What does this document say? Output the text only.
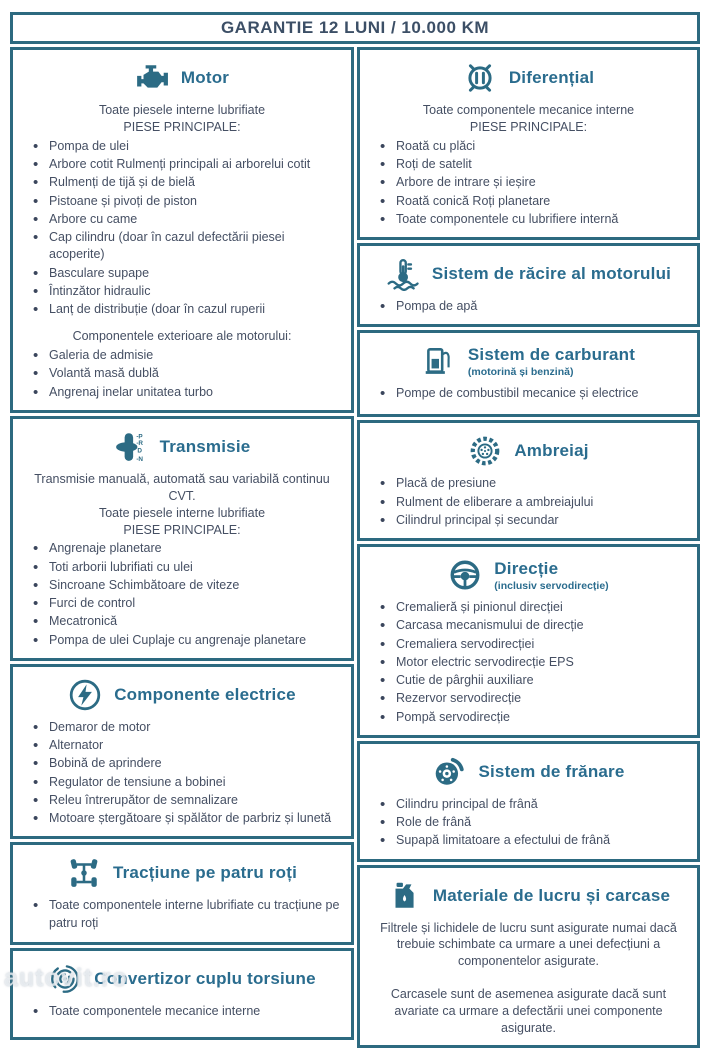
GARANTIE 12 LUNI / 10.000 KM
Motor

Toate piesele interne lubrifiate

PIESE PRINCIPALE:

• Pompa de ulei
• Arbore cotit Rulmenți principali ai arborelui cotit
• Rulmenți de tijă și de bielă
• Pistoane și pivoți de piston
• Arbore cu came
• Cap cilindru (doar în cazul defectării piesei acoperite)
• Basculare supape
• Întinzător hidraulic
• Lanț de distribuție (doar în cazul ruperii

Componentele exterioare ale motorului:

• Galeria de admisie
• Volantă masă dublă
• Angrenaj inelar unitatea turbo
-P
-R
D
-N
Transmisie

Transmisie manuală, automată sau variabilă continuu CVT.

Toate piesele interne lubrifiate

PIESE PRINCIPALE:

• Angrenaje planetare
• Toti arborii lubrifiati cu ulei
• Sincroane Schimbătoare de viteze
• Furci de control
• Mecatronică
• Pompa de ulei Cuplaje cu angrenaje planetare
Componente electrice
• Demaror de motor
• Alternator
• Bobină de aprindere
• Regulator de tensiune a bobinei
• Releu întrerupător de semnalizare
• Motoare ștergătoare și spălător de parbriz și lunetă
Tracțiune pe patru roți
• Toate componentele interne lubrifiate cu tracțiune pe patru roți
Convertizor cuplu torsiune
• Toate componentele mecanice interne
Diferențial

Toate componentele mecanice interne

PIESE PRINCIPALE:

• Roată cu plăci
• Roți de satelit
• Arbore de intrare și ieșire
• Roată conică Roți planetare
• Toate componentele cu lubrifiere internă
Sistem de răcire al motorului
• Pompa de apă
Sistem de carburant
(motorină și benzină)
• Pompe de combustibil mecanice și electrice
Ambreiaj
• Placă de presiune
• Rulment de eliberare a ambreiajului
• Cilindrul principal și secundar
Direcție
(inclusiv servodirecție)
• Cremalieră și pinionul direcției
• Carcasa mecanismului de direcție
• Cremaliera servodirecției
• Motor electric servodirecție EPS
• Cutie de pârghii auxiliare
• Rezervor servodirecție
• Pompă servodirecție
Sistem de frănare
• Cilindru principal de frână
• Role de frână
• Supapă limitatoare a efectului de frână
Materiale de lucru și carcase

Filtrele și lichidele de lucru sunt asigurate numai dacă trebuie schimbate ca urmare a unei defecțiuni a componentelor asigurate.

Carcasele sunt de asemenea asigurate dacă sunt avariate ca urmare a defectării unei componente asigurate.

autovit.ro
